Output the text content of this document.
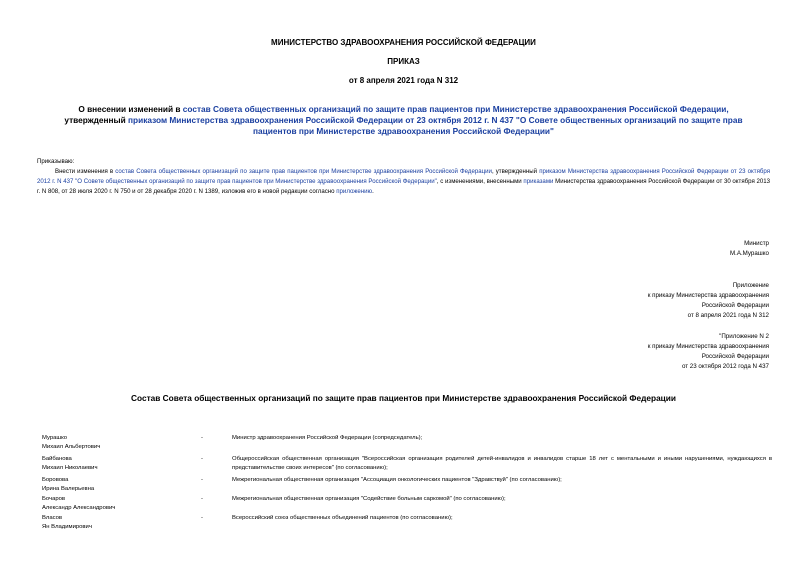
МИНИСТЕРСТВО ЗДРАВООХРАНЕНИЯ РОССИЙСКОЙ ФЕДЕРАЦИИ
ПРИКАЗ
от 8 апреля 2021 года N 312
О внесении изменений в состав Совета общественных организаций по защите прав пациентов при Министерстве здравоохранения Российской Федерации,
утвержденный приказом Министерства здравоохранения Российской Федерации от 23 октября 2012 г. N 437 "О Совете общественных организаций по защите прав
пациентов при Министерстве здравоохранения Российской Федерации"
Приказываю:
Внести изменения в состав Совета общественных организаций по защите прав пациентов при Министерстве здравоохранения Российской Федерации, утвержденный приказом Министерства здравоохранения Российской Федерации от 23 октября 2012 г. N 437 "О Совете общественных организаций по защите прав пациентов при Министерстве здравоохранения Российской Федерации", с изменениями, внесенными приказами Министерства здравоохранения Российской Федерации от 30 октября 2013 г. N 808, от 28 июля 2020 г. N 750 и от 28 декабря 2020 г. N 1389, изложив его в новой редакции согласно приложению.
Министр
М.А.Мурашко
Приложение
к приказу Министерства здравоохранения
Российской Федерации
от 8 апреля 2021 года N 312
"Приложение N 2
к приказу Министерства здравоохранения
Российской Федерации
от 23 октября 2012 года N 437
Состав Совета общественных организаций по защите прав пациентов при Министерстве здравоохранения Российской Федерации
Мурашко
Михаил Альбертович
-	Министр здравоохранения Российской Федерации (сопредседатель);
Байбанова
Михаил Николаевич
-	Общероссийская общественная организация "Всероссийская организация родителей детей-инвалидов и инвалидов старше 18 лет с ментальными и иными нарушениями, нуждающихся в представительстве своих интересов" (по согласованию);
Боровова
Ирина Валерьевна
-	Межрегиональная общественная организация "Ассоциация онкологических пациентов "Здравствуй" (по согласованию);
Бочаров
Александр Александрович
-	Межрегиональная общественная организация "Содействие больным саркомой" (по согласованию);
Власов
Ян Владимирович
-	Всероссийский союз общественных объединений пациентов (по согласованию);
